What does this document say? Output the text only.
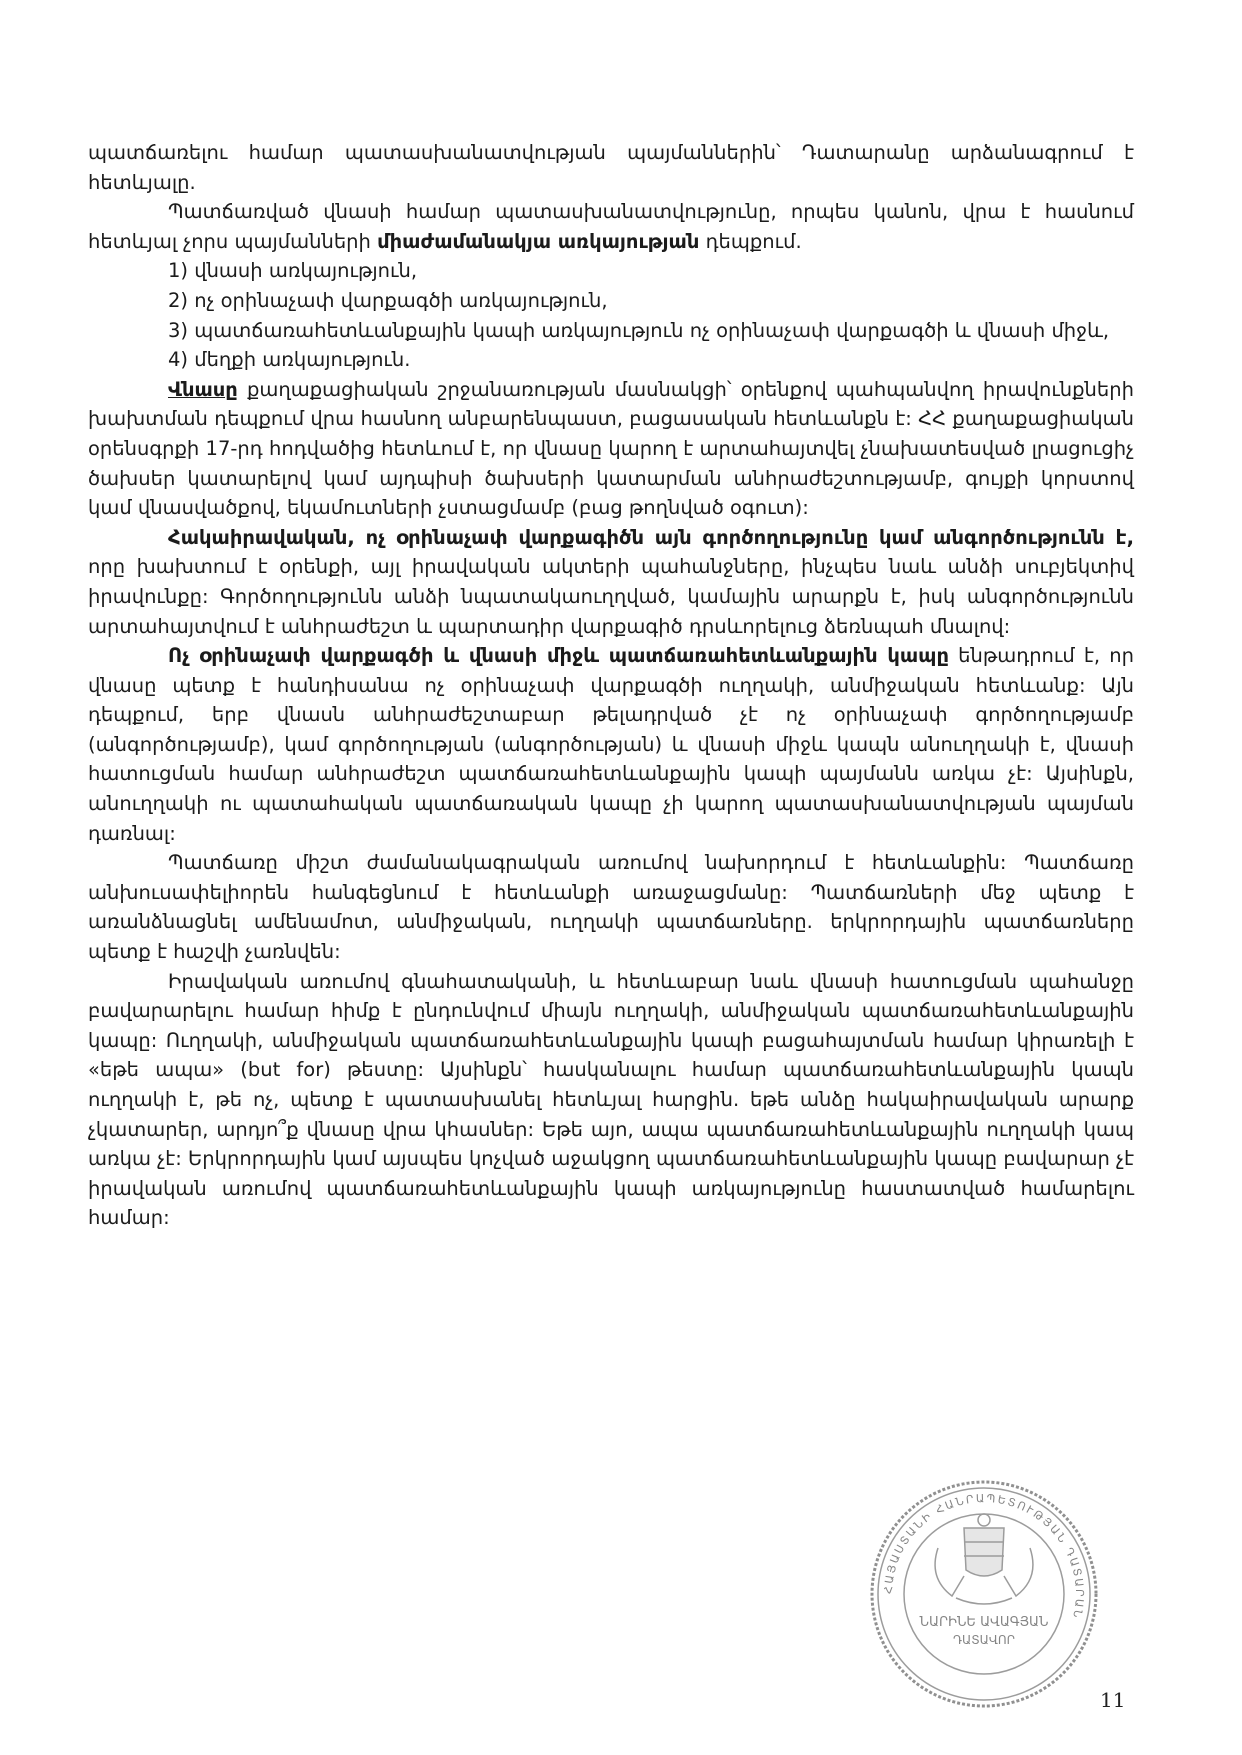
պատճառելու համար պատասխանատվության պայմաններին՝ Դատարանը արձանագրում է հետևյալը.

Պատճառված վնասի համար պատասխանատվությունը, որպես կանոն, վրա է հասնում հետևյալ չորս պայմանների միաժամանակյա առկայության դեպքում.

1) վնասի առկայություն,

2) ոչ օրինաչափ վարքագծի առկայություն,

3) պատճառահետևանքային կապի առկայություն ոչ օրինաչափ վարքագծի և վնասի միջև,

4) մեղքի առկայություն.

Վնասը քաղաքացիական շրջանառության մասնակցի՝ օրենքով պահպանվող իրավունքների խախտման դեպքում վրա հասնող անբարենպաստ, բացասական հետևանքն է: ՀՀ քաղաքացիական օրենսգրքի 17-րդ հոդվածից հետևում է, որ վնասը կարող է արտահայտվել չնախատեսված լրացուցիչ ծախսեր կատարելով կամ այդպիսի ծախսերի կատարման անհրաժեշտությամբ, գույքի կորստով կամ վնասվածքով, եկամուտների չստացմամբ (բաց թողնված օգուտ):

Հակաիրավական, ոչ օրինաչափ վարքագիծն այն գործողությունը կամ անգործությունն է, որը խախտում է օրենքի, այլ իրավական ակտերի պահանջները, ինչպես նաև անձի սուբյեկտիվ իրավունքը: Գործողությունն անձի նպատակաուղղված, կամային արարքն է, իսկ անգործությունն արտահայտվում է անհրաժեշտ և պարտադիր վարքագիծ դրսևորելուց ձեռնպահ մնալով:

Ոչ օրինաչափ վարքագծի և վնասի միջև պատճառահետևանքային կապը ենթադրում է, որ վնասը պետք է հանդիսանա ոչ օրինաչափ վարքագծի ուղղակի, անմիջական հետևանք: Այն դեպքում, երբ վնասն անհրաժեշտաբար թելադրված չէ ոչ օրինաչափ գործողությամբ (անգործությամբ), կամ գործողության (անգործության) և վնասի միջև կապն անուղղակի է, վնասի հատուցման համար անհրաժեշտ պատճառահետևանքային կապի պայմանն առկա չէ: Այսինքն, անուղղակի ու պատահական պատճառական կապը չի կարող պատասխանատվության պայման դառնալ:

Պատճառը միշտ ժամանակագրական առումով նախորդում է հետևանքին: Պատճառը անխուսափելիորեն հանգեցնում է հետևանքի առաջացմանը: Պատճառների մեջ պետք է առանձնացնել ամենամոտ, անմիջական, ուղղակի պատճառները. երկրորդային պատճառները պետք է հաշվի չառնվեն:

Իրավական առումով գնահատականի, և հետևաբար նաև վնասի հատուցման պահանջը բավարարելու համար հիմք է ընդունվում միայն ուղղակի, անմիջական պատճառահետևանքային կապը: Ուղղակի, անմիջական պատճառահետևանքային կապի բացահայտման համար կիրառելի է «եթե ապա» (but for) թեստը: Այսինքն՝ հասկանալու համար պատճառահետևանքային կապն ուղղակի է, թե ոչ, պետք է պատասխանել հետևյալ հարցին. եթե անձը հակաիրավական արարք չկատարեր, արդյո՞ք վնասը վրա կհասներ: Եթե այո, ապա պատճառահետևանքային ուղղակի կապ առկա չէ: Երկրորդային կամ այսպես կոչված աջակցող պատճառահետևանքային կապը բավարար չէ իրավական առումով պատճառահետևանքային կապի առկայությունը հաստատված համարելու համար:

ՀԱՅԱՍՏԱՆԻ ՀԱՆՐԱՊԵՏՈՒԹՅԱՆ ԴԱՏԱՐԱՆ
ՆԱՐԻՆԵ ԱՎԱԳՅԱՆ
ԴԱՏԱՎՈՐ
11
